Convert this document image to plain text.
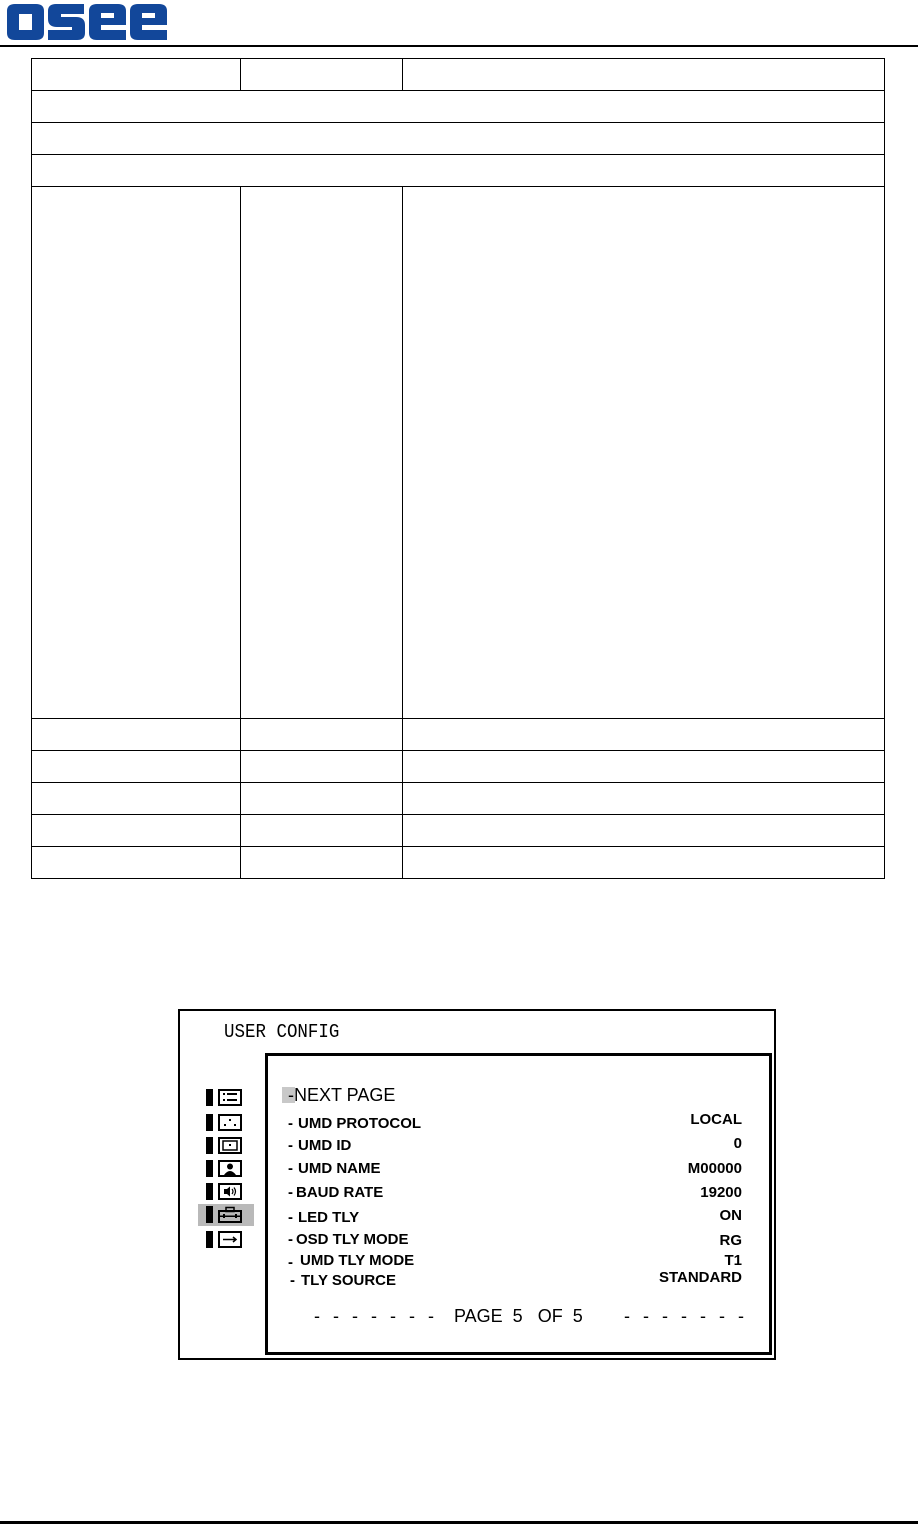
USER CONFIG
-NEXT PAGE
- UMD PROTOCOL	LOCAL
- UMD ID	0
- UMD NAME	M00000
- BAUD RATE	19200
- LED TLY	ON
- OSD TLY MODE	RG
- UMD TLY MODE	T1
- TLY SOURCE	STANDARD
- - - - - - - PAGE  5   OF  5 - - - - - - -
